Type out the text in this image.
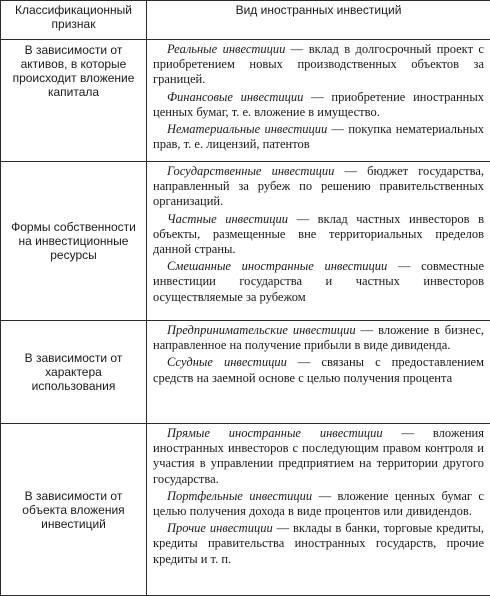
Классификационный признак	Вид иностранных инвестиций
В зависимости от активов, в которые происходит вложение капитала	Реальные инвестиции — вклад в долгосрочный проект с приобретением новых производственных объектов за границей.

Финансовые инвестиции — приобретение иностранных ценных бумаг, т. е. вложение в имущество.

Нематериальные инвестиции — покупка нематериальных прав, т. е. лицензий, патентов

Формы собственности на инвестиционные ресурсы	Государственные инвестиции — бюджет государства, направленный за рубеж по решению правительственных организаций.

Частные инвестиции — вклад частных инвесторов в объекты, размещенные вне территориальных пределов данной страны.

Смешанные иностранные инвестиции — совместные инвестиции государства и частных инвесторов осуществляемые за рубежом

В зависимости от характера использования	Предпринимательские инвестиции — вложение в бизнес, направленное на получение прибыли в виде дивиденда.

Ссудные инвестиции — связаны с предоставлением средств на заемной основе с целью получения процента

В зависимости от объекта вложения инвестиций	Прямые иностранные инвестиции — вложения иностранных инвесторов с последующим правом контроля и участия в управлении предприятием на территории другого государства.

Портфельные инвестиции — вложение ценных бумаг с целью получения дохода в виде процентов или дивидендов.

Прочие инвестиции — вклады в банки, торговые кредиты, кредиты правительства иностранных государств, прочие кредиты и т. п.
